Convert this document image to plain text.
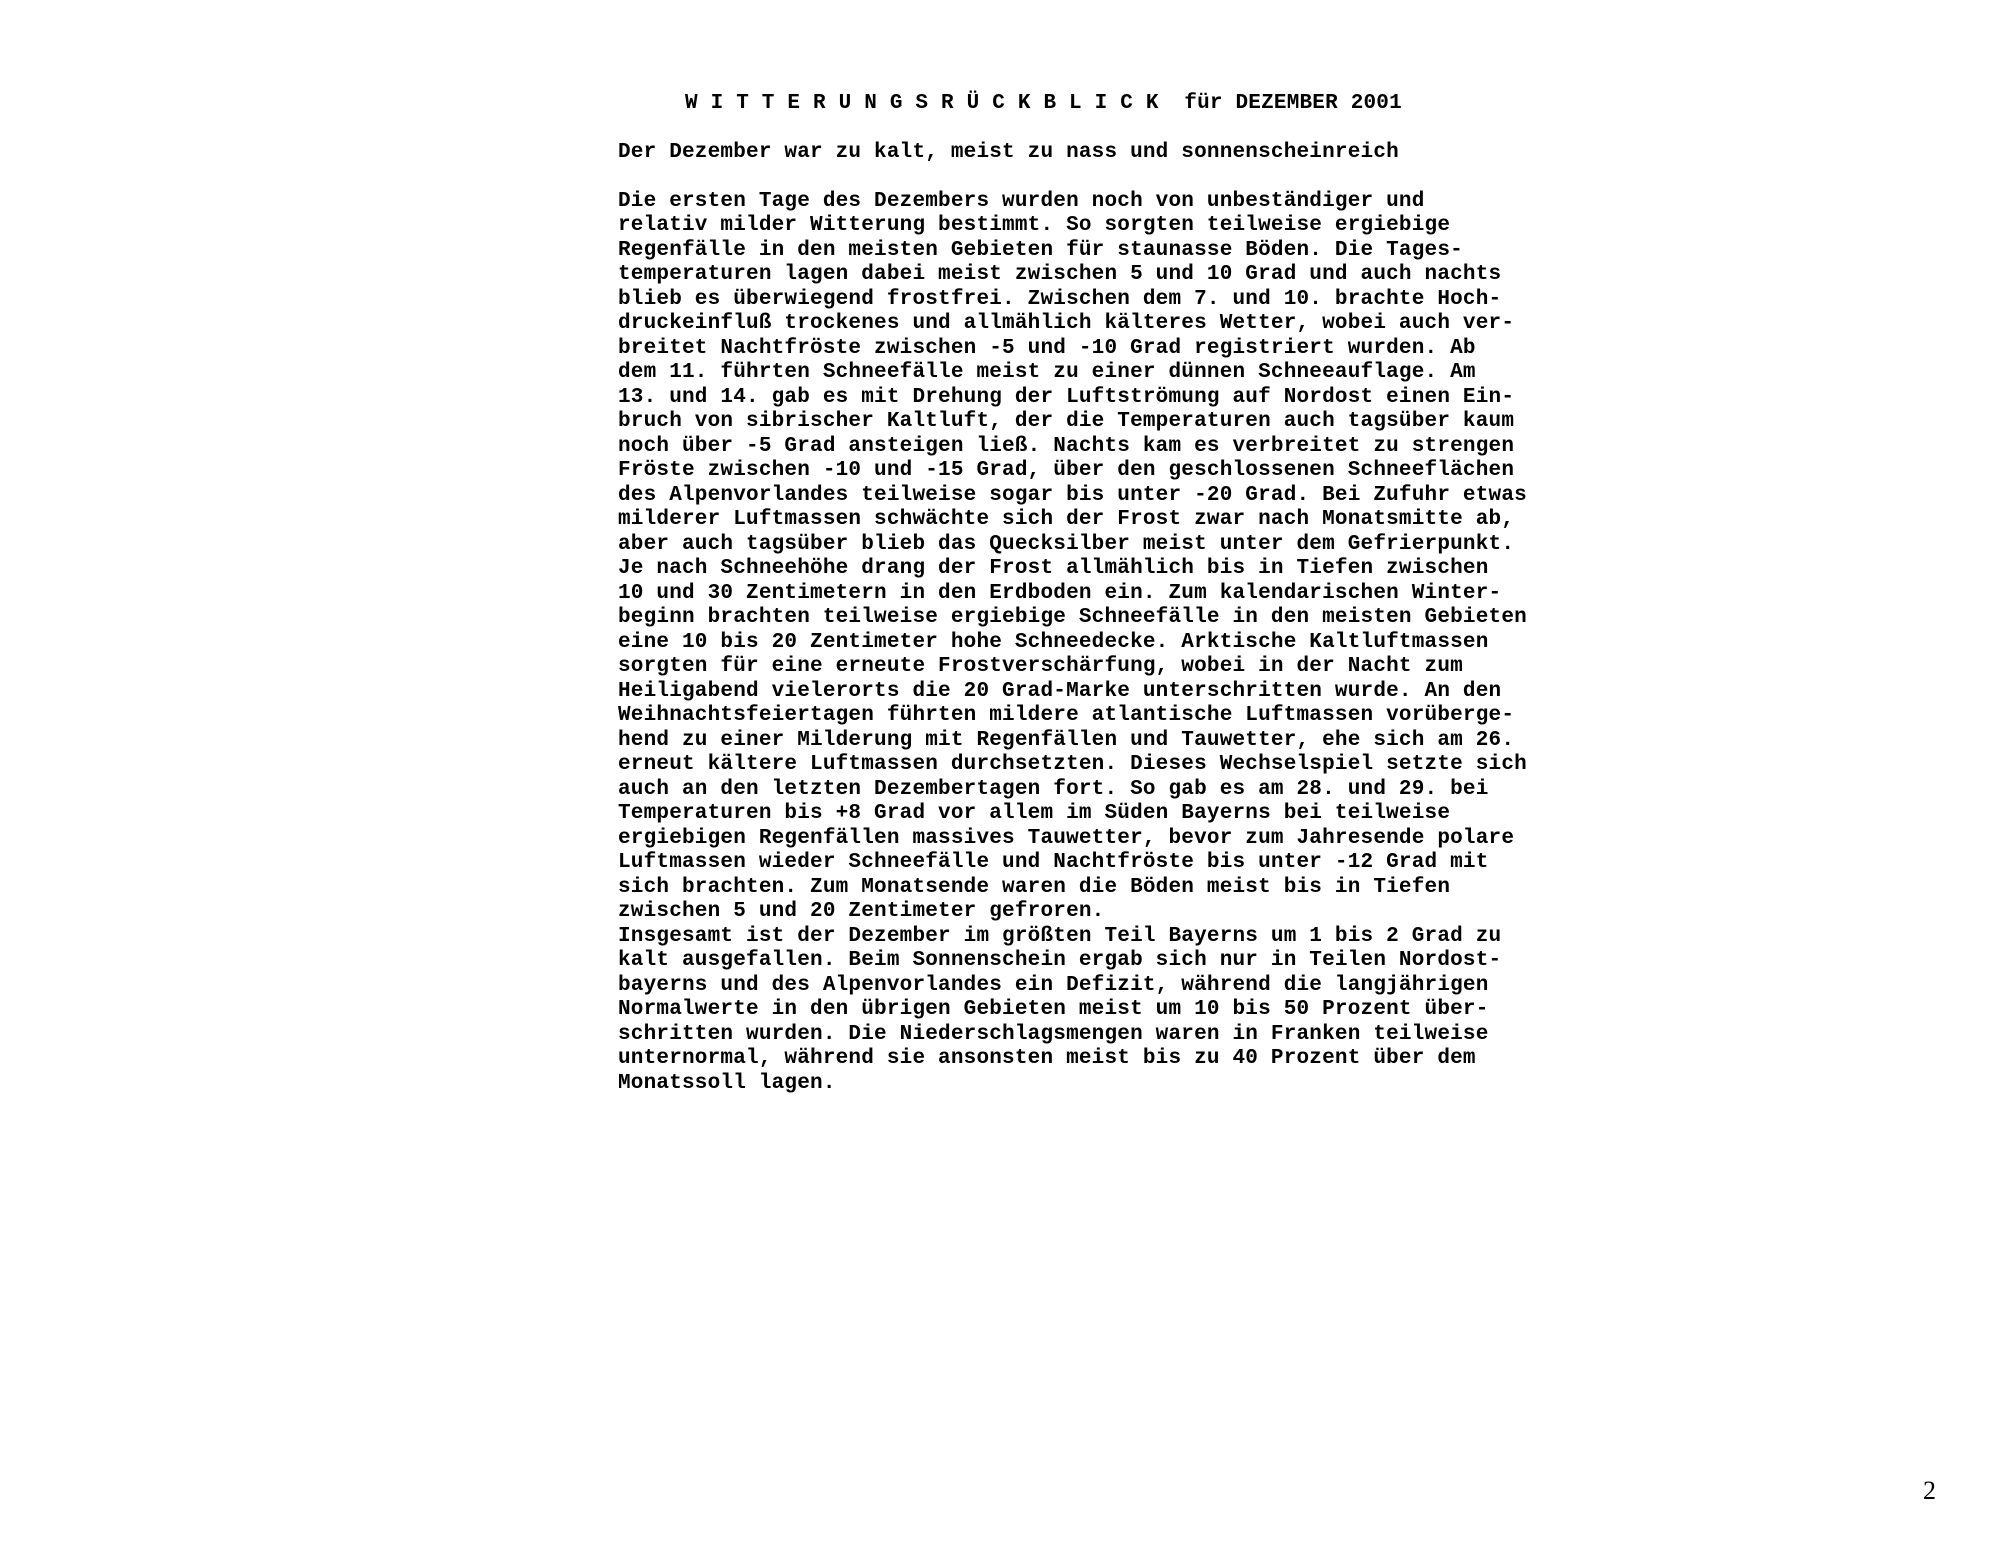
W I T T E R U N G S R Ü C K B L I C K  für DEZEMBER 2001
Der Dezember war zu kalt, meist zu nass und sonnenscheinreich
Die ersten Tage des Dezembers wurden noch von unbeständiger und
relativ milder Witterung bestimmt. So sorgten teilweise ergiebige
Regenfälle in den meisten Gebieten für staunasse Böden. Die Tages-
temperaturen lagen dabei meist zwischen 5 und 10 Grad und auch nachts
blieb es überwiegend frostfrei. Zwischen dem 7. und 10. brachte Hoch-
druckeinfluß trockenes und allmählich kälteres Wetter, wobei auch ver-
breitet Nachtfröste zwischen -5 und -10 Grad registriert wurden. Ab
dem 11. führten Schneefälle meist zu einer dünnen Schneeauflage. Am
13. und 14. gab es mit Drehung der Luftströmung auf Nordost einen Ein-
bruch von sibrischer Kaltluft, der die Temperaturen auch tagsüber kaum
noch über -5 Grad ansteigen ließ. Nachts kam es verbreitet zu strengen
Fröste zwischen -10 und -15 Grad, über den geschlossenen Schneeflächen
des Alpenvorlandes teilweise sogar bis unter -20 Grad. Bei Zufuhr etwas
milderer Luftmassen schwächte sich der Frost zwar nach Monatsmitte ab,
aber auch tagsüber blieb das Quecksilber meist unter dem Gefrierpunkt.
Je nach Schneehöhe drang der Frost allmählich bis in Tiefen zwischen
10 und 30 Zentimetern in den Erdboden ein. Zum kalendarischen Winter-
beginn brachten teilweise ergiebige Schneefälle in den meisten Gebieten
eine 10 bis 20 Zentimeter hohe Schneedecke. Arktische Kaltluftmassen
sorgten für eine erneute Frostverschärfung, wobei in der Nacht zum
Heiligabend vielerorts die 20 Grad-Marke unterschritten wurde. An den
Weihnachtsfeiertagen führten mildere atlantische Luftmassen vorüberge-
hend zu einer Milderung mit Regenfällen und Tauwetter, ehe sich am 26.
erneut kältere Luftmassen durchsetzten. Dieses Wechselspiel setzte sich
auch an den letzten Dezembertagen fort. So gab es am 28. und 29. bei
Temperaturen bis +8 Grad vor allem im Süden Bayerns bei teilweise
ergiebigen Regenfällen massives Tauwetter, bevor zum Jahresende polare
Luftmassen wieder Schneefälle und Nachtfröste bis unter -12 Grad mit
sich brachten. Zum Monatsende waren die Böden meist bis in Tiefen
zwischen 5 und 20 Zentimeter gefroren.
Insgesamt ist der Dezember im größten Teil Bayerns um 1 bis 2 Grad zu
kalt ausgefallen. Beim Sonnenschein ergab sich nur in Teilen Nordost-
bayerns und des Alpenvorlandes ein Defizit, während die langjährigen
Normalwerte in den übrigen Gebieten meist um 10 bis 50 Prozent über-
schritten wurden. Die Niederschlagsmengen waren in Franken teilweise
unternormal, während sie ansonsten meist bis zu 40 Prozent über dem
Monatssoll lagen.
2
